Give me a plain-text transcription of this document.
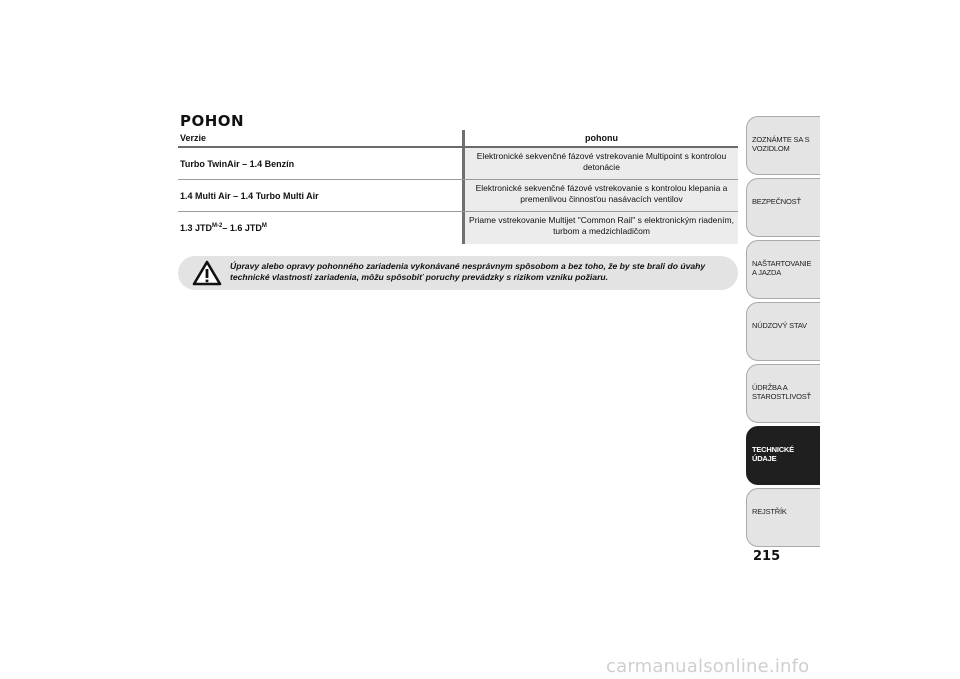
POHON
Verzie	pohonu
Turbo TwinAir – 1.4 Benzín
Elektronické sekvenčné fázové vstrekovanie Multipoint s kontrolou detonácie
1.4 Multi Air – 1.4 Turbo Multi Air
Elektronické sekvenčné fázové vstrekovanie s kontrolou klepania a premenlivou činnosťou nasávacích ventilov
1.3 $JTD^{M-2} - 1.6$ $JTD^M$
Priame vstrekovanie Multijet "Common Rail" s elektronickým riadením, turbom a medzichladičom
Úpravy alebo opravy pohonného zariadenia vykonávané nesprávnym spôsobom a bez toho, že by ste brali do úvahy technické vlastnosti zariadenia, môžu spôsobiť poruchy prevádzky s rizikom vzniku požiaru.
ZOZNÁMTE SA S VOZIDLOM
BEZPEČNOSŤ
NAŠTARTOVANIE A JAZDA
NÚDZOVÝ STAV
ÚDRŽBA A STAROSTLIVOSŤ
TECHNICKÉ ÚDAJE
REJSTŘÍK
215
carmanualsonline.info
